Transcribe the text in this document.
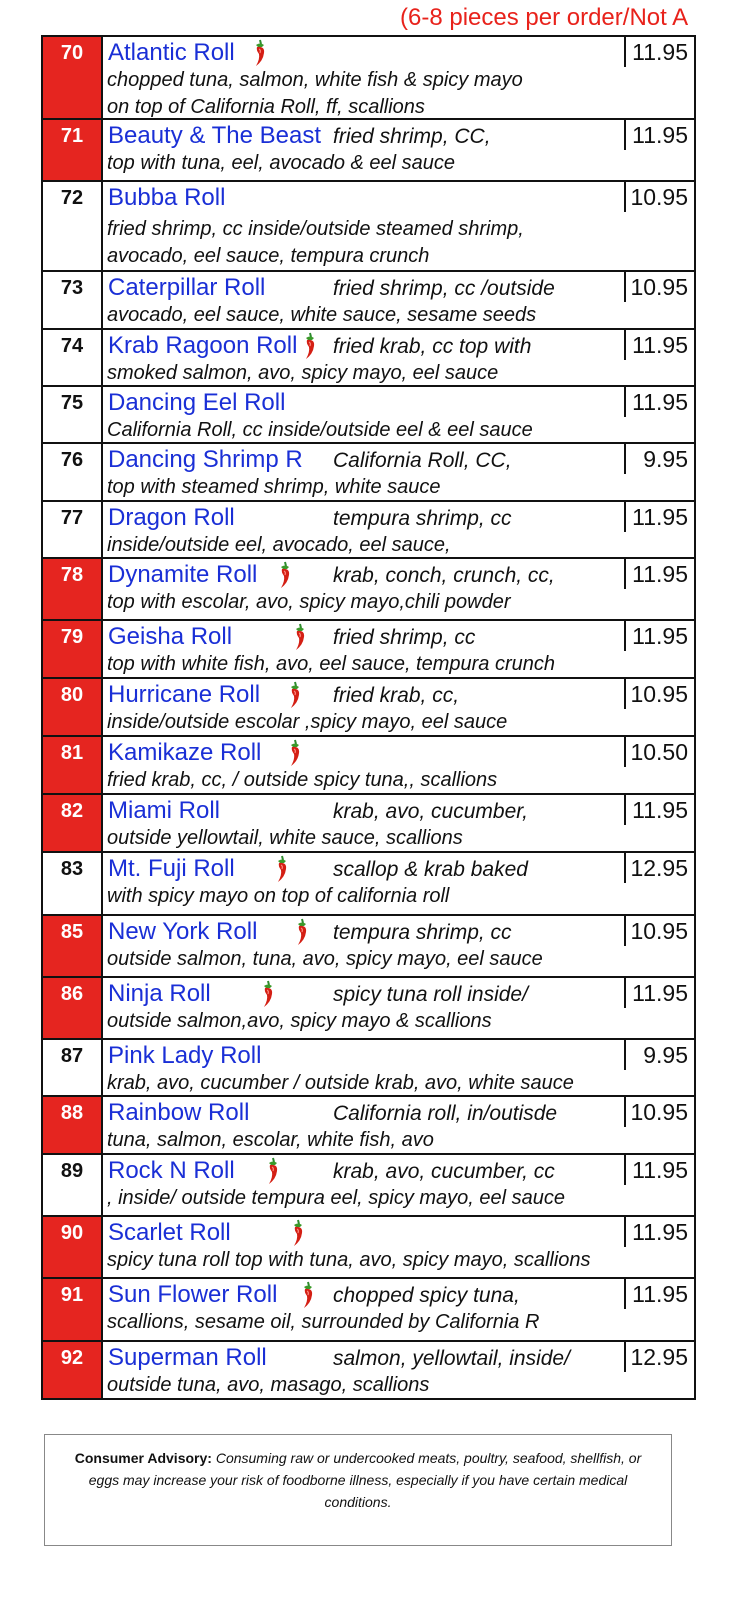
(6-8 pieces per order/Not A
70	Atlantic Roll	11.95
chopped tuna, salmon, white fish & spicy mayo
on top of California Roll, ff, scallions
71	Beauty & The Beast fried shrimp, CC,	11.95
top with tuna, eel, avocado & eel sauce
72	Bubba Roll	10.95
fried shrimp, cc inside/outside steamed shrimp,
avocado, eel sauce, tempura crunch
73	Caterpillar Roll	fried shrimp, cc /outside	10.95
avocado, eel sauce, white sauce, sesame seeds
74	Krab Ragoon Roll fried krab, cc top with	11.95
smoked salmon, avo, spicy mayo, eel sauce
75	Dancing Eel Roll	11.95
California Roll, cc inside/outside eel & eel sauce
76	Dancing Shrimp R California Roll, CC,	9.95
top with steamed shrimp, white sauce
77	Dragon Roll	tempura shrimp, cc	11.95
inside/outside eel, avocado, eel sauce,
78	Dynamite Roll	krab, conch, crunch, cc,	11.95
top with escolar, avo, spicy mayo,chili powder
79	Geisha Roll	fried shrimp, cc	11.95
top with white fish, avo, eel sauce, tempura crunch
80	Hurricane Roll	fried krab, cc,	10.95
inside/outside escolar ,spicy mayo, eel sauce
81	Kamikaze Roll	10.50
fried krab, cc, / outside spicy tuna,, scallions
82	Miami Roll	krab, avo, cucumber,	11.95
outside yellowtail, white sauce, scallions
83	Mt. Fuji Roll	scallop & krab baked	12.95
with spicy mayo on top of california roll
85	New York Roll	tempura shrimp, cc	10.95
outside salmon, tuna, avo, spicy mayo, eel sauce
86	Ninja Roll	spicy tuna roll inside/	11.95
outside salmon,avo, spicy mayo & scallions
87	Pink Lady Roll	9.95
krab, avo, cucumber / outside krab, avo, white sauce
88	Rainbow Roll	California roll, in/outisde	10.95
tuna, salmon, escolar, white fish, avo
89	Rock N Roll	krab, avo, cucumber, cc	11.95
, inside/ outside tempura eel, spicy mayo, eel sauce
90	Scarlet Roll	11.95
spicy tuna roll top with tuna, avo, spicy mayo, scallions
91	Sun Flower Roll	chopped spicy tuna,	11.95
scallions, sesame oil, surrounded by California R
92	Superman Roll	salmon, yellowtail, inside/	12.95
outside tuna, avo, masago, scallions
Consumer Advisory: Consuming raw or undercooked meats, poultry, seafood, shellfish, or eggs may increase your risk of foodborne illness, especially if you have certain medical conditions.
